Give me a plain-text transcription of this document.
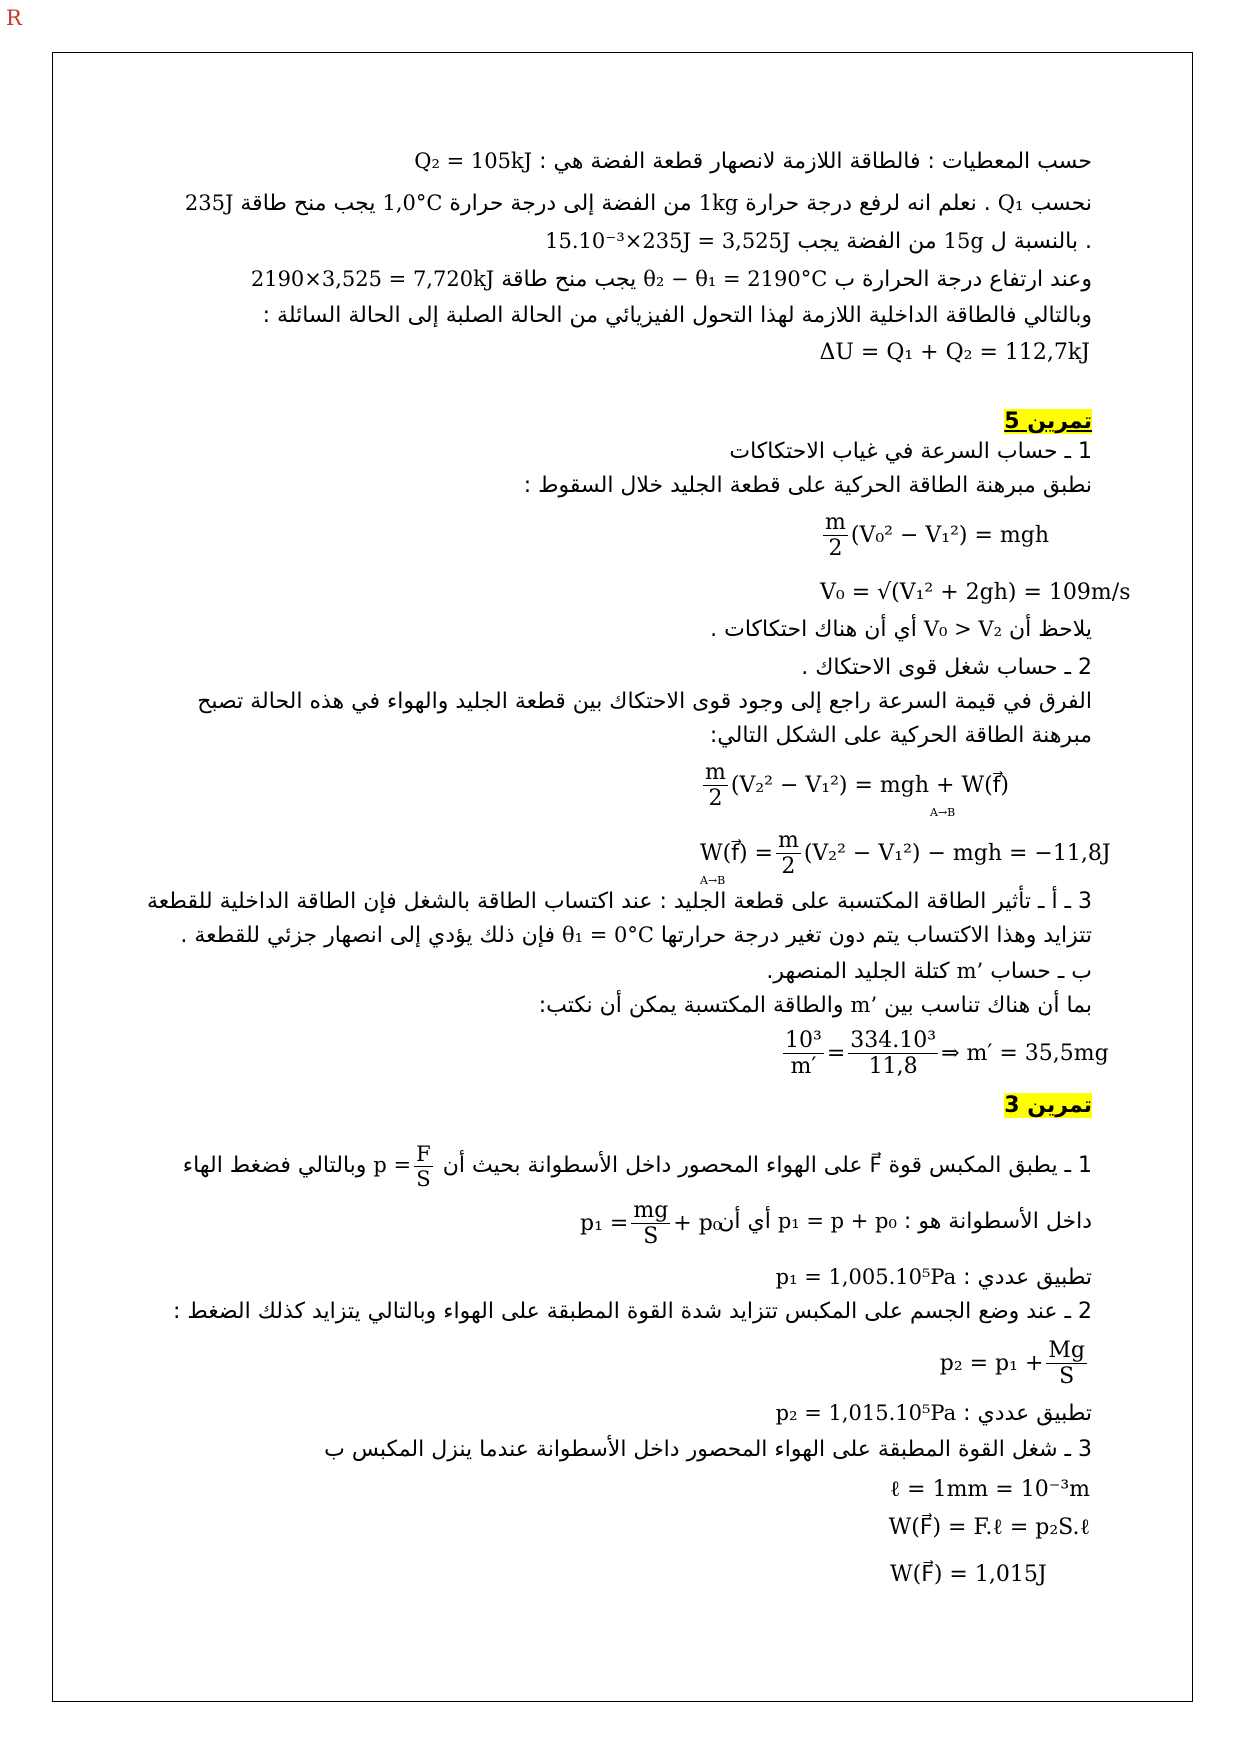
R
حسب المعطيات : فالطاقة اللازمة لانصهار قطعة الفضة هي : Q₂ = 105kJ
نحسب Q₁ . نعلم انه لرفع درجة حرارة 1kg من الفضة إلى درجة حرارة 1,0°C يجب منح طاقة 235J
. بالنسبة ل 15g من الفضة يجب 15.10⁻³×235J = 3,525J
وعند ارتفاع درجة الحرارة ب θ₂ − θ₁ = 2190°C يجب منح طاقة 2190×3,525 = 7,720kJ
وبالتالي فالطاقة الداخلية اللازمة لهذا التحول الفيزيائي من الحالة الصلبة إلى الحالة السائلة :
ΔU = Q₁ + Q₂ = 112,7kJ
تمرين 5
1 ـ حساب السرعة في غياب الاحتكاكات
نطبق مبرهنة الطاقة الحركية على قطعة الجليد خلال السقوط :
$\frac{m}{2} (V_0^2 - V_1^2)$ = mgh
V₀ = √(V₁² + 2gh) = 109m/s
يلاحظ أن V₀ > V₂ أي أن هناك احتكاكات .
2 ـ حساب شغل قوى الاحتكاك .
الفرق في قيمة السرعة راجع إلى وجود قوى الاحتكاك بين قطعة الجليد والهواء في هذه الحالة تصبح
مبرهنة الطاقة الحركية على الشكل التالي:
$\frac{m}{2} (V_2^2 - V_1^2)$ = mgh + W(f⃗)
A→B
W(f⃗) = $\frac{m}{2} (V_2^2 - V_1^2)$ − mgh = −11,8J
A→B
3 ـ أ ـ تأثير الطاقة المكتسبة على قطعة الجليد : عند اكتساب الطاقة بالشغل فإن الطاقة الداخلية للقطعة
تتزايد وهذا الاكتساب يتم دون تغير درجة حرارتها θ₁ = 0°C فإن ذلك يؤدي إلى انصهار جزئي للقطعة .
ب ـ حساب m’ كتلة الجليد المنصهر.
بما أن هناك تناسب بين m’ والطاقة المكتسبة يمكن أن نكتب:
$\frac{\text{10³}}{m'} = \frac{\text{334.10³}}{11,8}$ ⇒ m′ = 35,5mg
تمرين 3
1 ـ يطبق المكبس قوة F⃗ على الهواء المحصور داخل الأسطوانة بحيث أن $p = \frac{F}{S}$
وبالتالي فضغط الهاء
داخل الأسطوانة هو : p₁ = p + p₀ أي أن
$p_1 = \frac{mg}{S} + p_0$
تطبيق عددي : p₁ = 1,005.10⁵Pa
2 ـ عند وضع الجسم على المكبس تتزايد شدة القوة المطبقة على الهواء وبالتالي يتزايد كذلك الضغط :
$p_2 = p_1 + \frac{Mg}{S}$
تطبيق عددي : p₂ = 1,015.10⁵Pa
3 ـ شغل القوة المطبقة على الهواء المحصور داخل الأسطوانة عندما ينزل المكبس ب
ℓ = 1mm = 10⁻³m
W(F⃗) = F.ℓ = p₂S.ℓ
W(F⃗) = 1,015J
